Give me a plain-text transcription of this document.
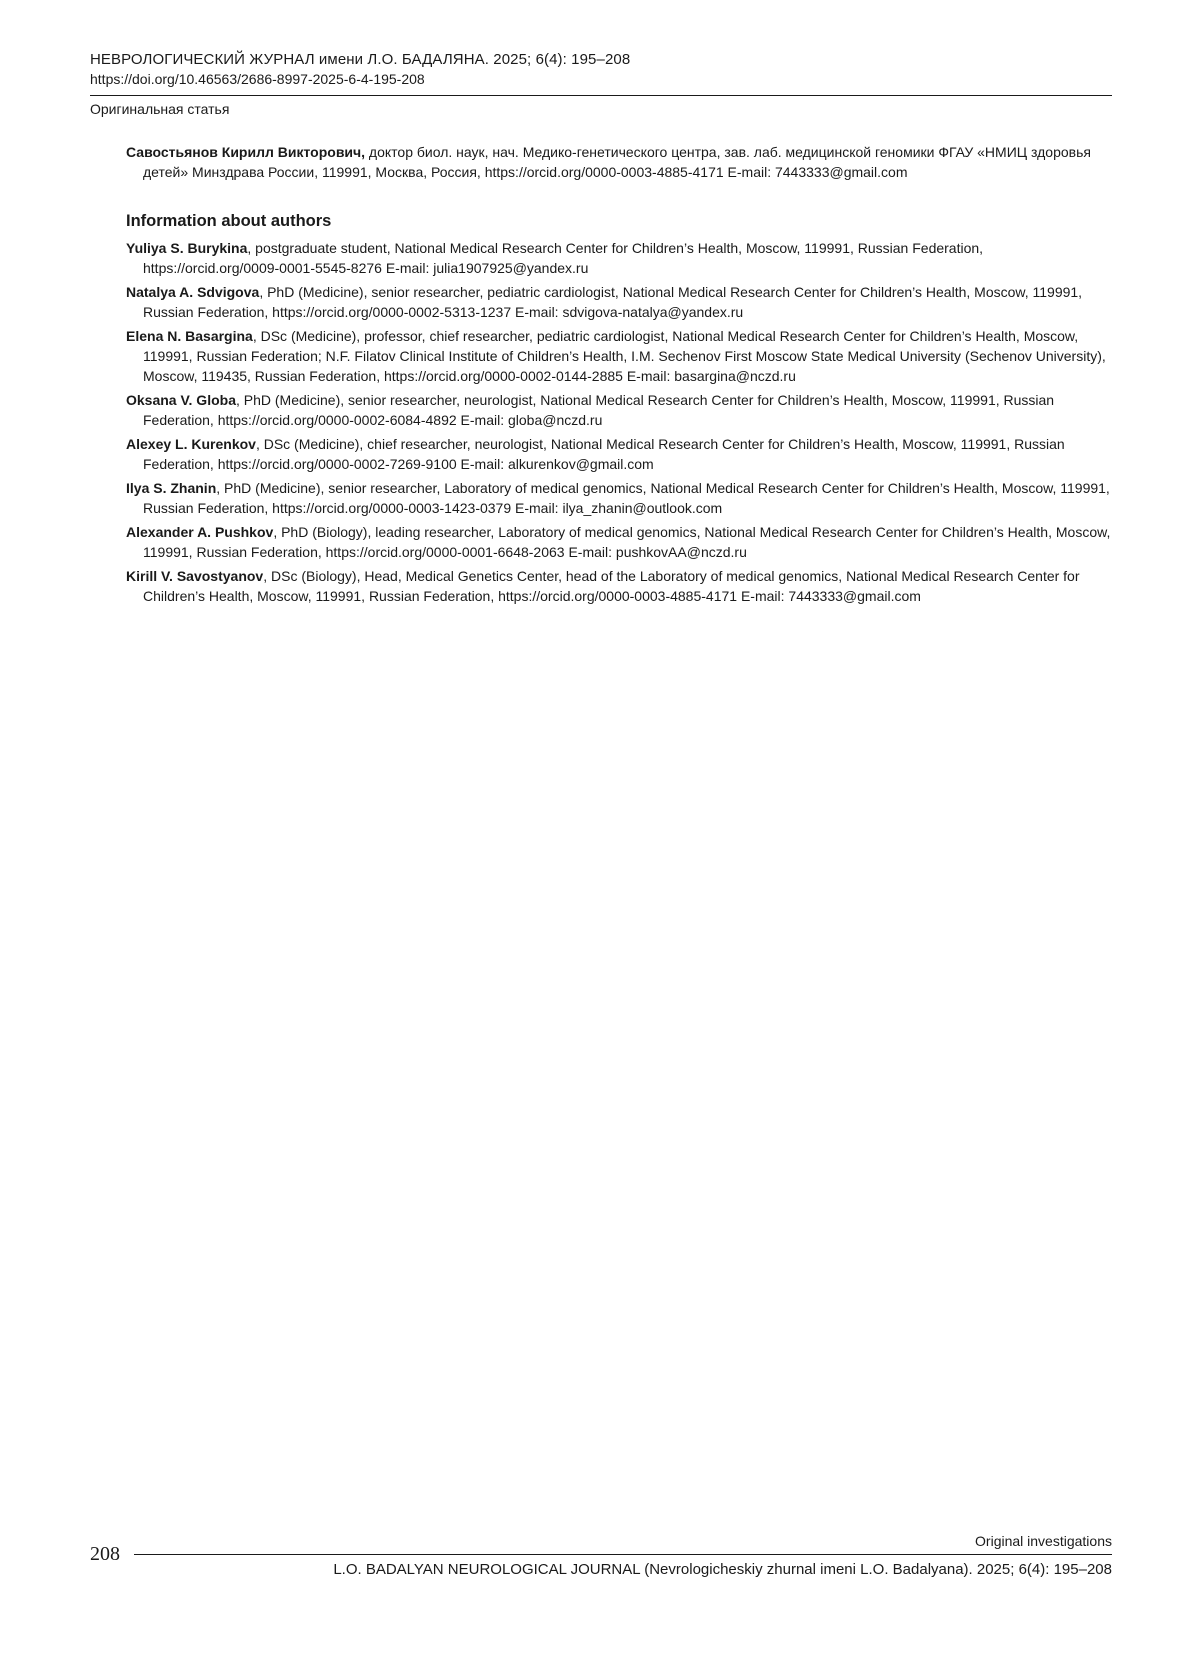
НЕВРОЛОГИЧЕСКИЙ ЖУРНАЛ имени Л.О. БАДАЛЯНА. 2025; 6(4): 195–208
https://doi.org/10.46563/2686-8997-2025-6-4-195-208
Оригинальная статья
Савостьянов Кирилл Викторович, доктор биол. наук, нач. Медико-генетического центра, зав. лаб. медицинской геномики ФГАУ «НМИЦ здоровья детей» Минздрава России, 119991, Москва, Россия, https://orcid.org/0000-0003-4885-4171 E-mail: 7443333@gmail.com
Information about authors
Yuliya S. Burykina, postgraduate student, National Medical Research Center for Children’s Health, Moscow, 119991, Russian Federation, https://orcid.org/0009-0001-5545-8276 E-mail: julia1907925@yandex.ru
Natalya A. Sdvigova, PhD (Medicine), senior researcher, pediatric cardiologist, National Medical Research Center for Children’s Health, Moscow, 119991, Russian Federation, https://orcid.org/0000-0002-5313-1237 E-mail: sdvigova-natalya@yandex.ru
Elena N. Basargina, DSc (Medicine), professor, chief researcher, pediatric cardiologist, National Medical Research Center for Children’s Health, Moscow, 119991, Russian Federation; N.F. Filatov Clinical Institute of Children’s Health, I.M. Sechenov First Moscow State Medical University (Sechenov University), Moscow, 119435, Russian Federation, https://orcid.org/0000-0002-0144-2885 E-mail: basargina@nczd.ru
Oksana V. Globa, PhD (Medicine), senior researcher, neurologist, National Medical Research Center for Children’s Health, Moscow, 119991, Russian Federation, https://orcid.org/0000-0002-6084-4892 E-mail: globa@nczd.ru
Alexey L. Kurenkov, DSc (Medicine), chief researcher, neurologist, National Medical Research Center for Children’s Health, Moscow, 119991, Russian Federation, https://orcid.org/0000-0002-7269-9100 E-mail: alkurenkov@gmail.com
Ilya S. Zhanin, PhD (Medicine), senior researcher, Laboratory of medical genomics, National Medical Research Center for Children’s Health, Moscow, 119991, Russian Federation, https://orcid.org/0000-0003-1423-0379 E-mail: ilya_zhanin@outlook.com
Alexander A. Pushkov, PhD (Biology), leading researcher, Laboratory of medical genomics, National Medical Research Center for Children’s Health, Moscow, 119991, Russian Federation, https://orcid.org/0000-0001-6648-2063 E-mail: pushkovAA@nczd.ru
Kirill V. Savostyanov, DSc (Biology), Head, Medical Genetics Center, head of the Laboratory of medical genomics, National Medical Research Center for Children’s Health, Moscow, 119991, Russian Federation, https://orcid.org/0000-0003-4885-4171 E-mail: 7443333@gmail.com
208
Original investigations
L.O. BADALYAN NEUROLOGICAL JOURNAL (Nevrologicheskiy zhurnal imeni L.O. Badalyana). 2025; 6(4): 195–208
